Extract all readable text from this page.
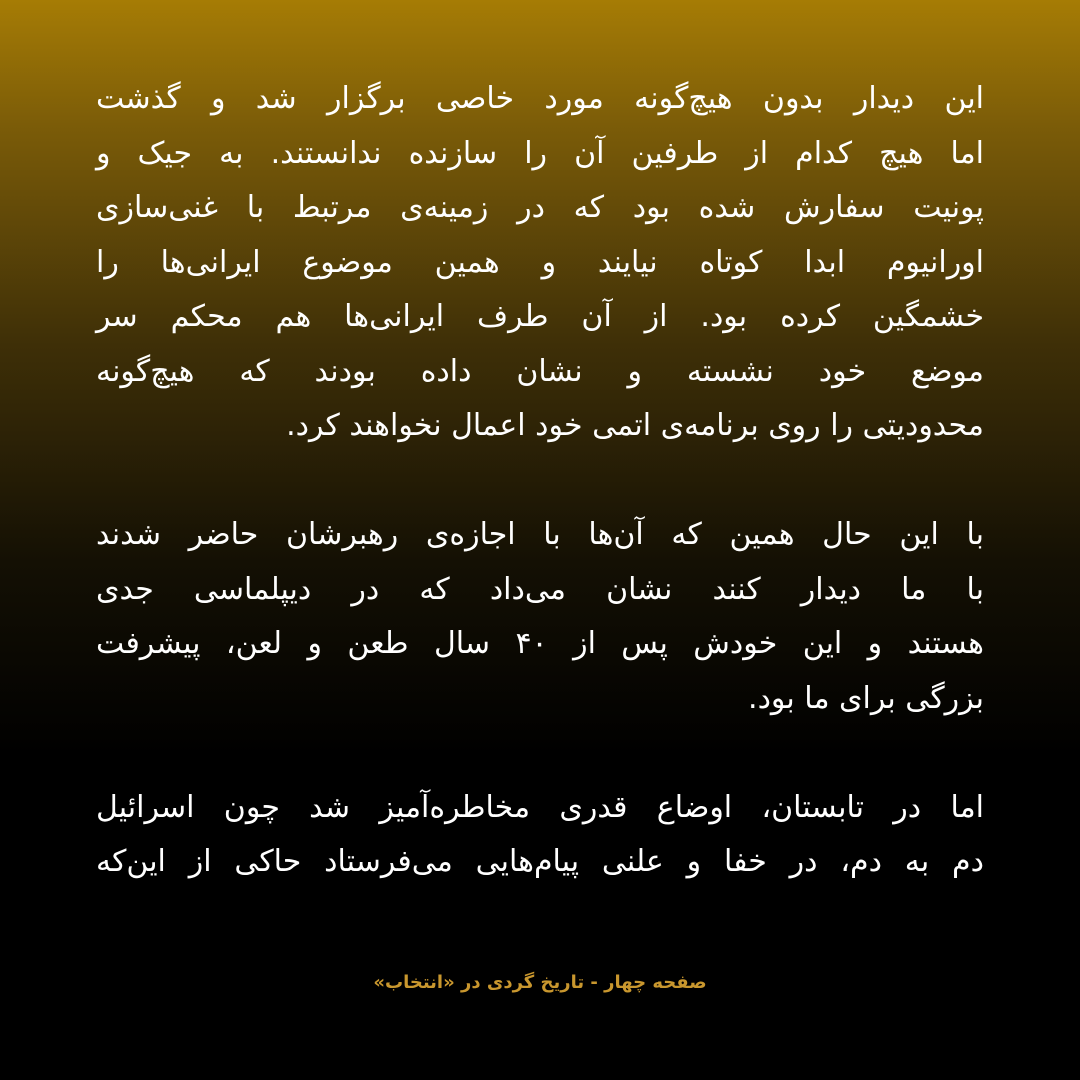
این دیدار بدون هیچ‌گونه مورد خاصی برگزار شد و گذشت
اما هیچ کدام از طرفین آن را سازنده ندانستند. به جیک و
پونیت سفارش شده بود که در زمینه‌ی مرتبط با غنی‌سازی
اورانیوم ابدا کوتاه نیایند و همین موضوع ایرانی‌ها را
خشمگین کرده بود. از آن طرف ایرانی‌ها هم محکم سر
موضع خود نشسته و نشان داده بودند که هیچ‌گونه
محدودیتی را روی برنامه‌ی اتمی خود اعمال نخواهند کرد.

با این حال همین که آن‌ها با اجازه‌ی رهبرشان حاضر شدند
با ما دیدار کنند نشان می‌داد که در دیپلماسی جدی
هستند و این خودش پس از ۴۰ سال طعن و لعن، پیشرفت
بزرگی برای ما بود.

اما در تابستان، اوضاع قدری مخاطره‌آمیز شد چون اسرائیل
دم به دم، در خفا و علنی پیام‌هایی می‌فرستاد حاکی از این‌که

صفحه چهار - تاریخ گردی در «انتخاب»
